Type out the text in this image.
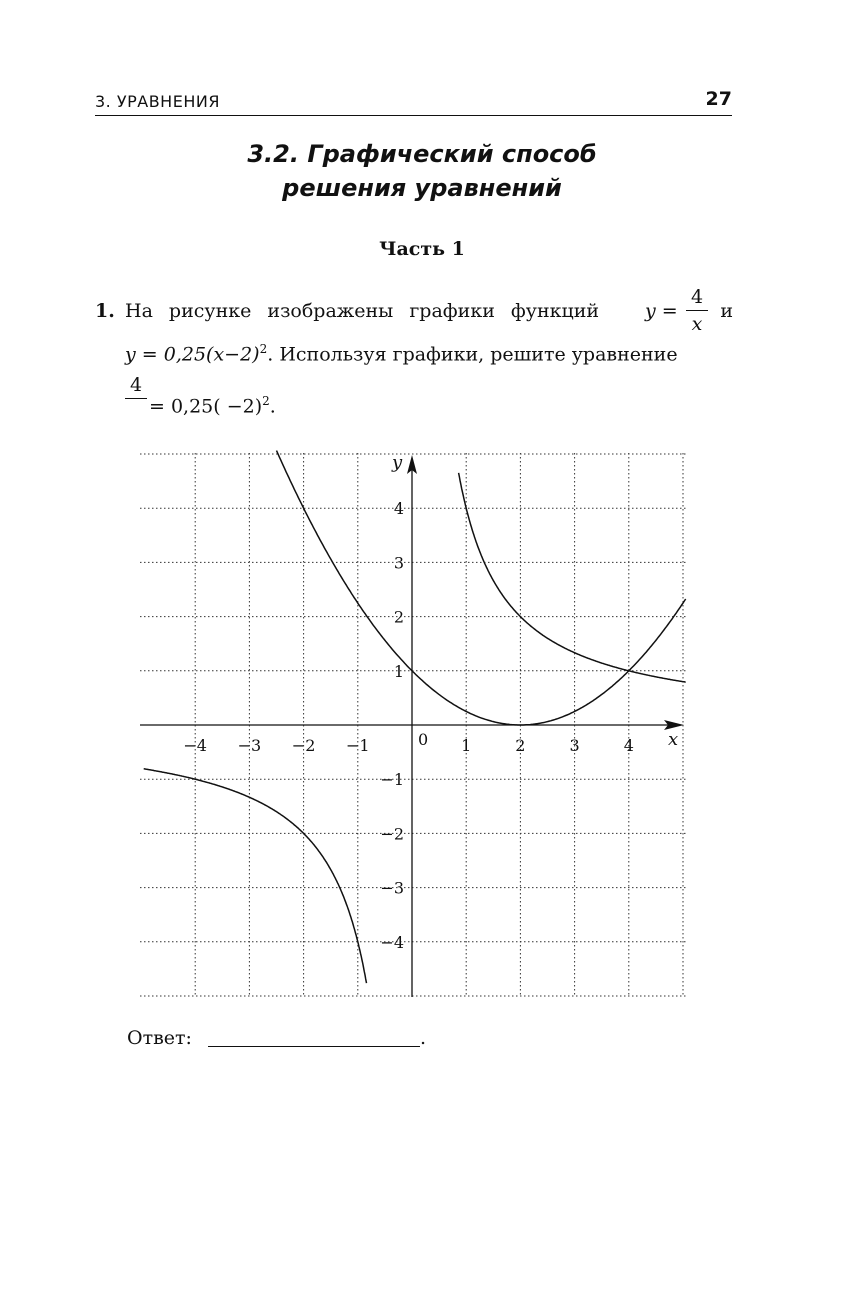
3. УРАВНЕНИЯ	27
3.2. Графический способ
решения уравнений
Часть 1
1. На рисунке изображены графики функций y =
4
x
и
$y = 0,25(x-2)^2$. Используя графики, решите уравнение
4
= $0,25( -2)^2$.
−4 −3 −2 −1	1	2	3	4
4
3
2
1
−1
−2
−3
−4
0	x
y
Ответ:	.
